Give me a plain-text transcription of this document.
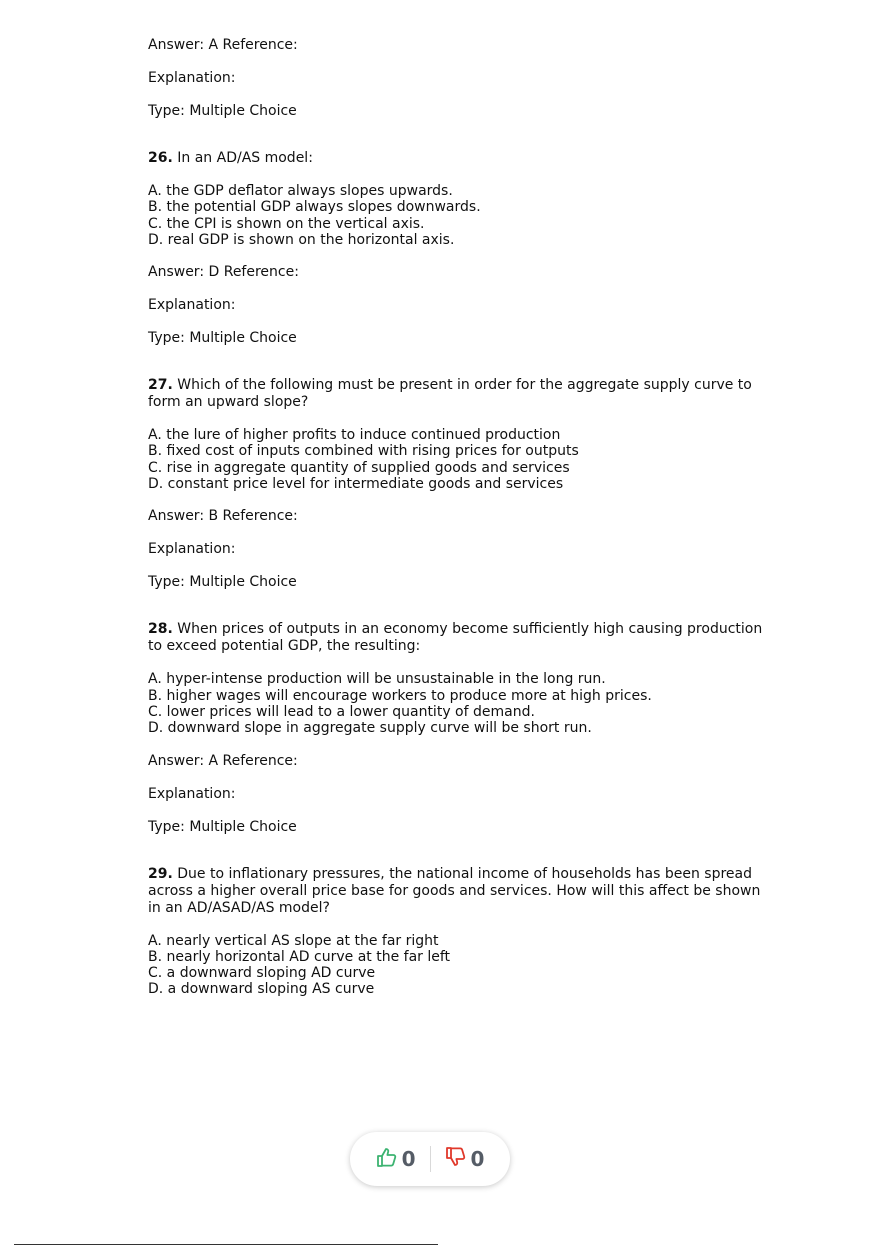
Answer: A Reference:

Explanation:

Type: Multiple Choice

26. In an AD/AS model:

A. the GDP deflator always slopes upwards.

B. the potential GDP always slopes downwards.

C. the CPI is shown on the vertical axis.

D. real GDP is shown on the horizontal axis.

Answer: D Reference:

Explanation:

Type: Multiple Choice

27. Which of the following must be present in order for the aggregate supply curve to form an upward slope?

A. the lure of higher profits to induce continued production

B. fixed cost of inputs combined with rising prices for outputs

C. rise in aggregate quantity of supplied goods and services

D. constant price level for intermediate goods and services

Answer: B Reference:

Explanation:

Type: Multiple Choice

28. When prices of outputs in an economy become sufficiently high causing production to exceed potential GDP, the resulting:

A. hyper-intense production will be unsustainable in the long run.

B. higher wages will encourage workers to produce more at high prices.

C. lower prices will lead to a lower quantity of demand.

D. downward slope in aggregate supply curve will be short run.

Answer: A Reference:

Explanation:

Type: Multiple Choice

29. Due to inflationary pressures, the national income of households has been spread across a higher overall price base for goods and services. How will this affect be shown in an AD/ASAD/AS model?

A. nearly vertical AS slope at the far right

B. nearly horizontal AD curve at the far left

C. a downward sloping AD curve

D. a downward sloping AS curve

0	0
